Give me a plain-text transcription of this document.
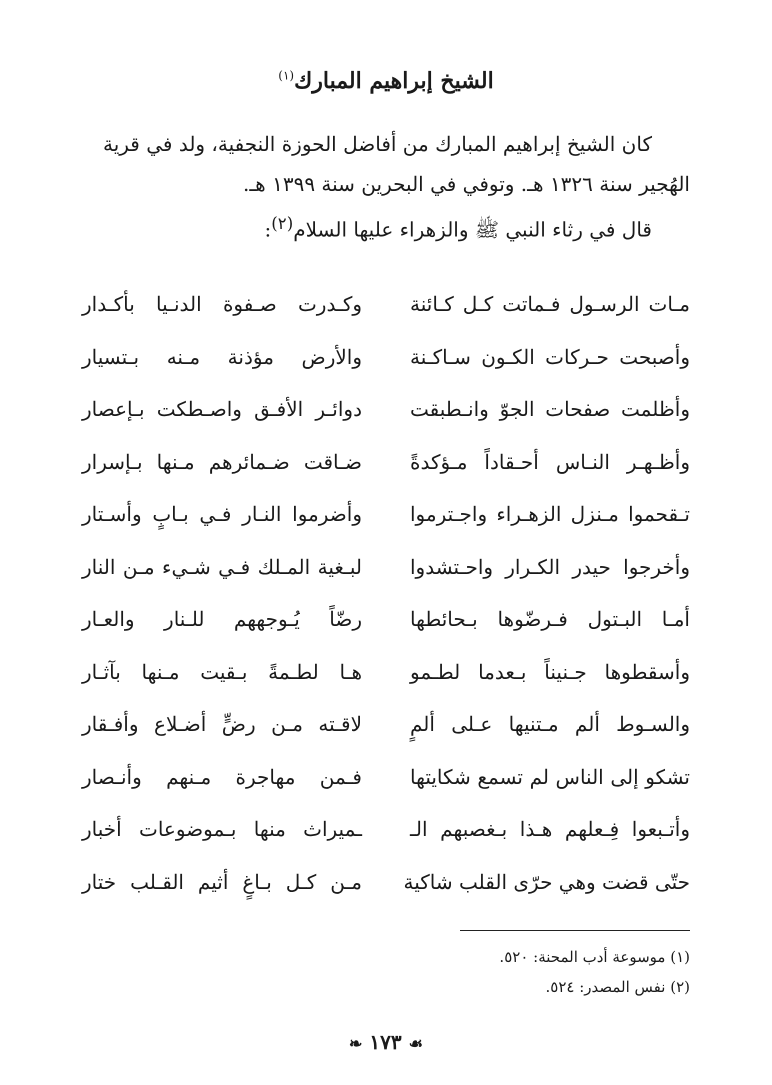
الشيخ إبراهيم المبارك$^{(١)}$

كان الشيخ إبراهيم المبارك من أفاضل الحوزة النجفية، ولد في قرية

الهُجير سنة ١٣٢٦ هـ. وتوفي في البحرين سنة ١٣٩٩ هـ.

قال في رثاء النبي ﷺ والزهراء عليها السلام$^{(٢)}$:

مـات الرسـول فـماتت كـل كـائنة
وكـدرت صـفوة الدنـيا بأكـدار
وأصبحت حـركات الكـون سـاكـنة
والأرض مؤذنة مـنه بـتسيار
وأظلمت صفحات الجوّ وانـطبقت
دوائـر الأفـق واصـطكت بـإعصار
وأظـهـر النـاس أحـقاداً مـؤكدةً
ضـاقت ضـمائرهم مـنها بـإسرار
تـقحموا مـنزل الزهـراء واجـترموا
وأضرموا النـار فـي بـابٍ وأسـتار
وأخرجوا حيدر الكـرار واحـتشدوا
لبـغية المـلك فـي شـيء مـن النار
أمـا البـتول فـرضّوها بـحائطها
رضّاً يُـوجههم للـنار والعـار
وأسقطوها جـنيناً بـعدما لطـمو
هـا لطـمةً بـقيت مـنها بآثـار
والسـوط ألم مـتنيها عـلى ألمٍ
لاقـته مـن رضٍّ أضـلاع وأفـقار
تشكو إلى الناس لم تسمع شكايتها
فـمن مهاجرة مـنهم وأنـصار
وأتـبعوا فِـعلهم هـذا بـغصبهم الـ
ـميراث منها بـموضوعات أخبار
حتّى قضت وهي حرّى القلب شاكية
مـن كـل بـاغٍ أثيم القـلب ختار
(١) موسوعة أدب المحنة: ٥٢٠.
(٢) نفس المصدر: ٥٢٤.
☙ ١٧٣ ❧
